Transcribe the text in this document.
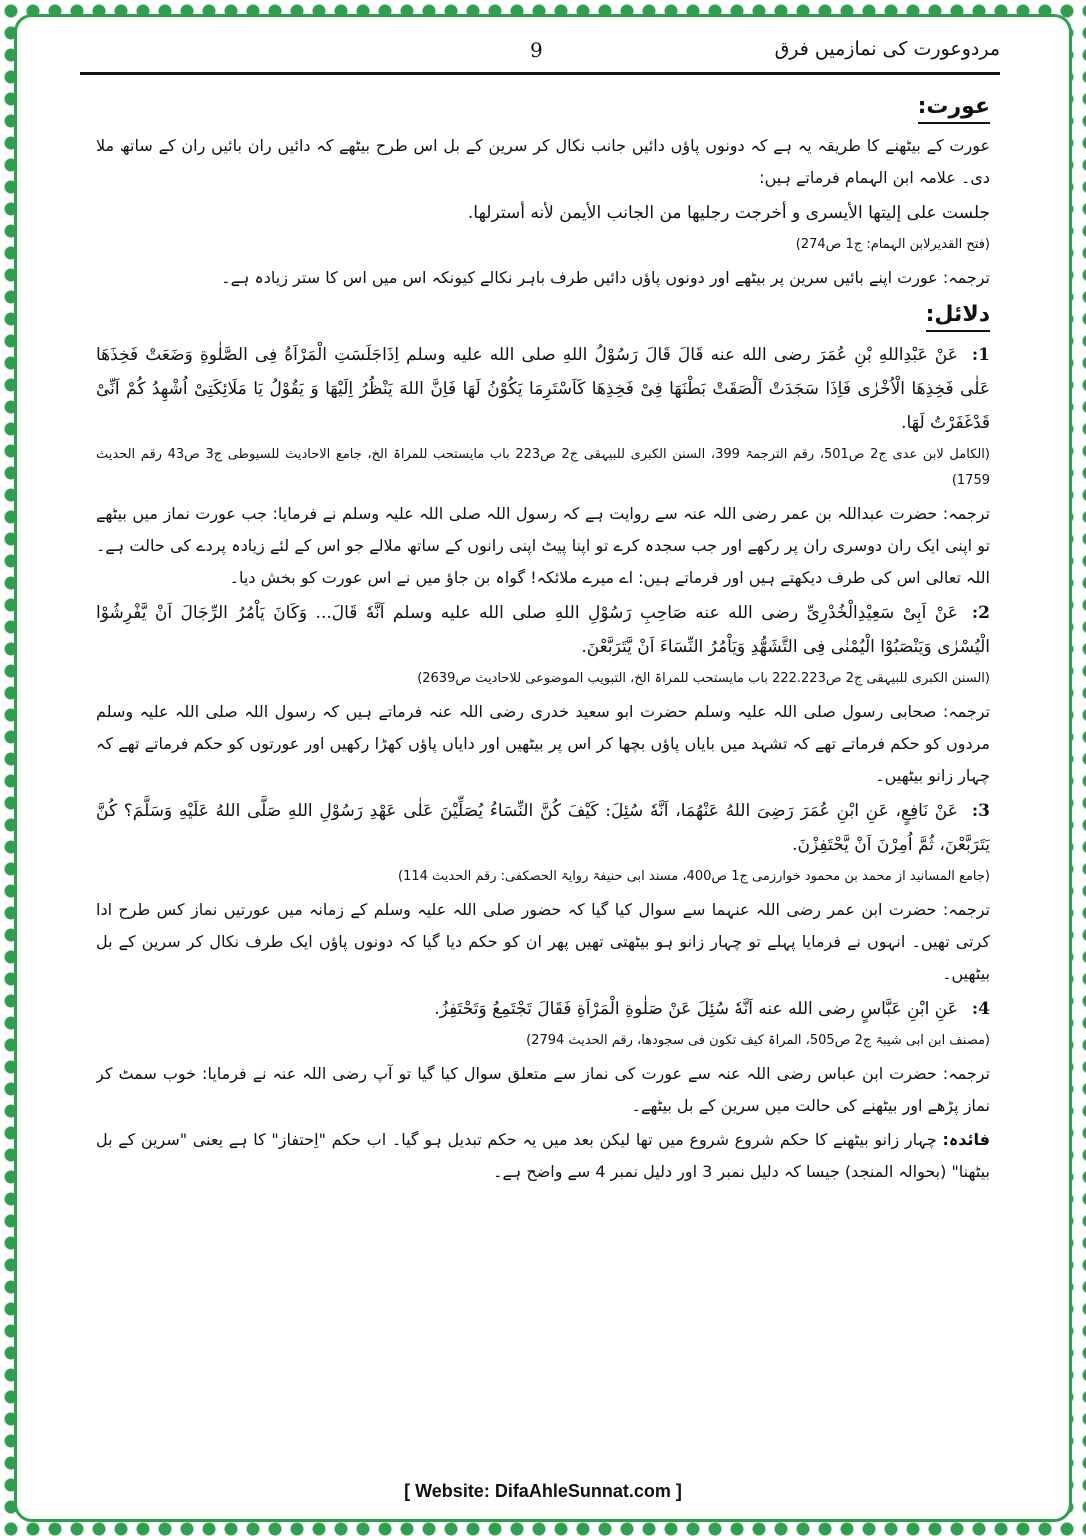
مردوعورت کی نمازمیں فرق
9
عورت:

عورت کے بیٹھنے کا طریقہ یہ ہے کہ دونوں پاؤں دائیں جانب نکال کر سرین کے بل اس طرح بیٹھے کہ دائیں ران بائیں ران کے ساتھ ملا دی۔ علامہ ابن الہمام فرماتے ہیں:

جلست علی إلیتها الأیسری و أخرجت رجلیها من الجانب الأیمن لأنه أسترلها.

(فتح القدیرلابن الہمام: ج1 ص274)

ترجمہ: عورت اپنے بائیں سرین پر بیٹھے اور دونوں پاؤں دائیں طرف باہر نکالے کیونکہ اس میں اس کا ستر زیادہ ہے۔

دلائل:

1:عَنْ عَبْدِاللهِ بْنِ عُمَرَ رضی الله عنه قَالَ قَالَ رَسُوْلُ اللهِ صلی الله علیه وسلم اِذَاجَلَسَتِ الْمَرْاَةُ فِی الصَّلٰوةِ وَضَعَتْ فَخِذَهَا عَلٰی فَخِذِهَا الْاُخْرٰی فَاِذَا سَجَدَتْ اَلْصَقَتْ بَطْنَهَا فِیْ فَخِذِهَا كَاَسْتَرِمَا یَكُوْنُ لَهَا فَاِنَّ اللهَ یَنْظُرُ اِلَیْهَا وَ یَقُوْلُ یَا مَلَائِكَتِیْ اُشْهِدُ كُمْ اَنِّیْ قَدْغَفَرْتُ لَهَا.

(الکامل لابن عدی ج2 ص501، رقم الترجمۃ 399، السنن الکبری للبیہقی ج2 ص223 باب مایستحب للمراۃ الخ، جامع الاحادیث للسیوطی ج3 ص43 رقم الحدیث 1759)

ترجمہ: حضرت عبداللہ بن عمر رضی اللہ عنہ سے روایت ہے کہ رسول اللہ صلی اللہ علیہ وسلم نے فرمایا: جب عورت نماز میں بیٹھے تو اپنی ایک ران دوسری ران پر رکھے اور جب سجدہ کرے تو اپنا پیٹ اپنی رانوں کے ساتھ ملالے جو اس کے لئے زیادہ پردے کی حالت ہے۔ اللہ تعالی اس کی طرف دیکھتے ہیں اور فرماتے ہیں: اے میرے ملائکہ! گواہ بن جاؤ میں نے اس عورت کو بخش دیا۔

2:عَنْ اَبِیْ سَعِیْدِالْخُدْرِیِّ رضی الله عنه صَاحِبِ رَسُوْلِ اللهِ صلی الله علیه وسلم اَنَّهٗ قَالَ... وَكَانَ یَاْمُرُ الرِّجَالَ اَنْ یَّفْرِشُوْا الْیُسْرٰی وَیَنْصَبُوْا الْیُمْنٰی فِی التَّشَهُّدِ وَیَاْمُرُ النِّسَاءَ اَنْ یَّتَرَبَّعْنَ.

(السنن الکبری للبیہقی ج2 ص222.223 باب مایستحب للمراۃ الخ، التبویب الموضوعی للاحادیث ص2639)

ترجمہ: صحابی رسول صلی اللہ علیہ وسلم حضرت ابو سعید خدری رضی اللہ عنہ فرماتے ہیں کہ رسول اللہ صلی اللہ علیہ وسلم مردوں کو حکم فرماتے تھے کہ تشہد میں بایاں پاؤں بچھا کر اس پر بیٹھیں اور دایاں پاؤں کھڑا رکھیں اور عورتوں کو حکم فرماتے تھے کہ چہار زانو بیٹھیں۔

3:عَنْ نَافِعٍ، عَنِ ابْنِ عُمَرَ رَضِیَ اللهُ عَنْهُمَا، اَنَّهٗ سُئِلَ: كَیْفَ كُنَّ النِّسَاءُ یُصَلِّیْنَ عَلٰی عَهْدِ رَسُوْلِ اللهِ صَلَّى اللهُ عَلَیْهِ وَسَلَّمَ؟ كُنَّ یَتَرَبَّعْنَ، ثُمَّ اُمِرْنَ اَنْ یَّحْتَفِزْنَ.

(جامع المسانید از محمد بن محمود خوارزمی ج1 ص400، مسند ابی حنیفۃ روایۃ الحصکفی: رقم الحدیث 114)

ترجمہ: حضرت ابن عمر رضی اللہ عنہما سے سوال کیا گیا کہ حضور صلی اللہ علیہ وسلم کے زمانہ میں عورتیں نماز کس طرح ادا کرتی تھیں۔ انہوں نے فرمایا پہلے تو چہار زانو ہو بیٹھتی تھیں پھر ان کو حکم دیا گیا کہ دونوں پاؤں ایک طرف نکال کر سرین کے بل بیٹھیں۔

4:عَنِ ابْنِ عَبَّاسٍ رضی الله عنه اَنَّهٗ سُئِلَ عَنْ صَلٰوةِ الْمَرْاَةِ فَقَالَ تَجْتَمِعُ وَتَحْتَفِزُ.

(مصنف ابن ابی شیبۃ ج2 ص505، المراۃ کیف تکون فی سجودھا، رقم الحدیث 2794)

ترجمہ: حضرت ابن عباس رضی اللہ عنہ سے عورت کی نماز سے متعلق سوال کیا گیا تو آپ رضی اللہ عنہ نے فرمایا: خوب سمٹ کر نماز پڑھے اور بیٹھنے کی حالت میں سرین کے بل بیٹھے۔

فائدہ: چہار زانو بیٹھنے کا حکم شروع شروع میں تھا لیکن بعد میں یہ حکم تبدیل ہو گیا۔ اب حکم "اِحتفاز" کا ہے یعنی "سرین کے بل بیٹھنا" (بحوالہ المنجد) جیسا کہ دلیل نمبر 3 اور دلیل نمبر 4 سے واضح ہے۔

[ Website: DifaAhleSunnat.com ]
